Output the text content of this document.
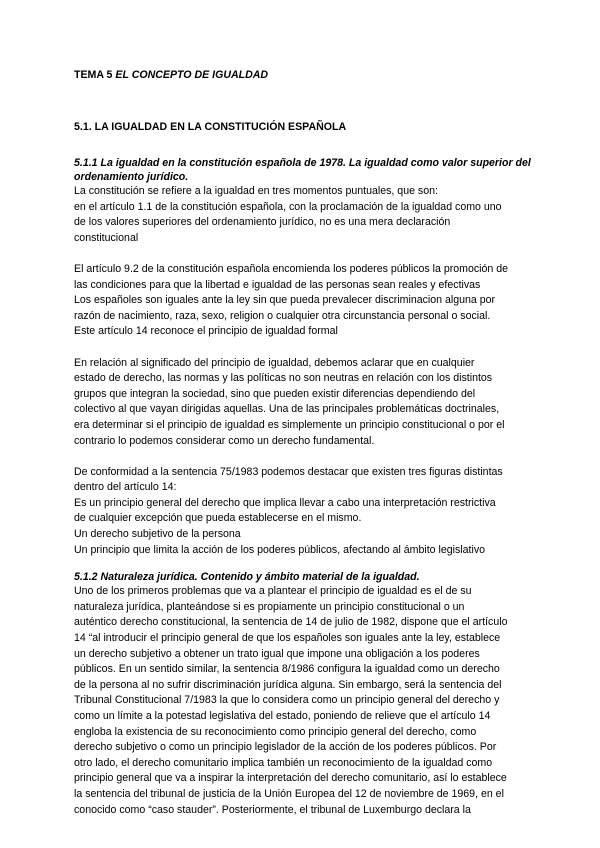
TEMA 5 EL CONCEPTO DE IGUALDAD
5.1. LA IGUALDAD EN LA CONSTITUCIÓN ESPAÑOLA
5.1.1 La igualdad en la constitución española de 1978. La igualdad como valor superior del ordenamiento jurídico.

La constitución se refiere a la igualdad en tres momentos puntuales, que son:

en el artículo 1.1 de la constitución española, con la proclamación de la igualdad como uno

de los valores superiores del ordenamiento jurídico, no es una mera declaración

constitucional

El artículo 9.2 de la constitución española encomienda los poderes públicos la promoción de

las condiciones para que la libertad e igualdad de las personas sean reales y efectivas

Los españoles son iguales ante la ley sin que pueda prevalecer discriminacion alguna por

razón de nacimiento, raza, sexo, religion o cualquier otra circunstancia personal o social.

Este artículo 14 reconoce el principio de igualdad formal

En relación al significado del principio de igualdad, debemos aclarar que en cualquier

estado de derecho, las normas y las políticas no son neutras en relación con los distintos

grupos que integran la sociedad, sino que pueden existir diferencias dependiendo del

colectivo al que vayan dirigidas aquellas. Una de las principales problemáticas doctrinales,

era determinar si el principio de igualdad es simplemente un principio constitucional o por el

contrario lo podemos considerar como un derecho fundamental.

De conformidad a la sentencia 75/1983 podemos destacar que existen tres figuras distintas

dentro del artículo 14:

Es un principio general del derecho que implica llevar a cabo una interpretación restrictiva

de cualquier excepción que pueda establecerse en el mismo.

Un derecho subjetivo de la persona

Un principio que limita la acción de los poderes públicos, afectando al ámbito legislativo

5.1.2 Naturaleza jurídica. Contenido y ámbito material de la igualdad.

Uno de los primeros problemas que va a plantear el principio de igualdad es el de su

naturaleza jurídica, planteándose si es propiamente un principio constitucional o un

auténtico derecho constitucional, la sentencia de 14 de julio de 1982, dispone que el artículo

14 “al introducir el principio general de que los españoles son iguales ante la ley, establece

un derecho subjetivo a obtener un trato igual que impone una obligación a los poderes

públicos. En un sentido similar, la sentencia 8/1986 configura la igualdad como un derecho

de la persona al no sufrir discriminación jurídica alguna. Sin embargo, será la sentencia del

Tribunal Constitucional 7/1983 la que lo considera como un principio general del derecho y

como un límite a la potestad legislativa del estado, poniendo de relieve que el artículo 14

engloba la existencia de su reconocimiento como principio general del derecho, como

derecho subjetivo o como un principio legislador de la acción de los poderes públicos. Por

otro lado, el derecho comunitario implica también un reconocimiento de la igualdad como

principio general que va a inspirar la interpretación del derecho comunitario, así lo establece

la sentencia del tribunal de justicia de la Unión Europea del 12 de noviembre de 1969, en el

conocido como “caso stauder”. Posteriormente, el tribunal de Luxemburgo declara la
